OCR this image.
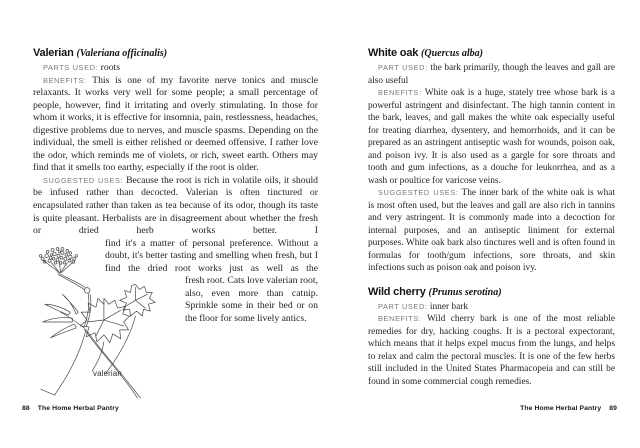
Valerian (Valeriana officinalis)

PARTS USED: roots

BENEFITS: This is one of my favorite nerve tonics and muscle relaxants. It works very well for some people; a small percentage of people, however, find it irritating and overly stimulating. In those for whom it works, it is effective for insomnia, pain, restlessness, headaches, digestive problems due to nerves, and muscle spasms. Depending on the individual, the smell is either relished or deemed offensive. I rather love the odor, which reminds me of violets, or rich, sweet earth. Others may find that it smells too earthy, especially if the root is older.

SUGGESTED USES: Because the root is rich in volatile oils, it should be infused rather than decocted. Valerian is often tinctured or encapsulated rather than taken as tea because of its odor, though its taste is quite pleasant. Herbalists are in disagreement about whether the fresh or dried herb works better. I

find it's a matter of personal preference. Without a doubt, it's better tasting and smelling when fresh, but I find the dried root works just as well as the

fresh root. Cats love valerian root, also, even more than catnip. Sprinkle some in their bed or on the floor for some lively antics.

valerian
White oak (Quercus alba)

PART USED: the bark primarily, though the leaves and gall are also useful

BENEFITS: White oak is a huge, stately tree whose bark is a powerful astringent and disinfectant. The high tannin content in the bark, leaves, and gall makes the white oak especially useful for treating diarrhea, dysentery, and hemorrhoids, and it can be prepared as an astringent antiseptic wash for wounds, poison oak, and poison ivy. It is also used as a gargle for sore throats and tooth and gum infections, as a douche for leukorrhea, and as a wash or poultice for varicose veins.

SUGGESTED USES: The inner bark of the white oak is what is most often used, but the leaves and gall are also rich in tannins and very astringent. It is commonly made into a decoction for internal purposes, and an antiseptic liniment for external purposes. White oak bark also tinctures well and is often found in formulas for tooth/gum infections, sore throats, and skin infections such as poison oak and poison ivy.

Wild cherry (Prunus serotina)

PART USED: inner bark

BENEFITS: Wild cherry bark is one of the most reliable remedies for dry, hacking coughs. It is a pectoral expectorant, which means that it helps expel mucus from the lungs, and helps to relax and calm the pectoral muscles. It is one of the few herbs still included in the United States Pharmacopeia and can still be found in some commercial cough remedies.

88 The Home Herbal Pantry	The Home Herbal Pantry 89
